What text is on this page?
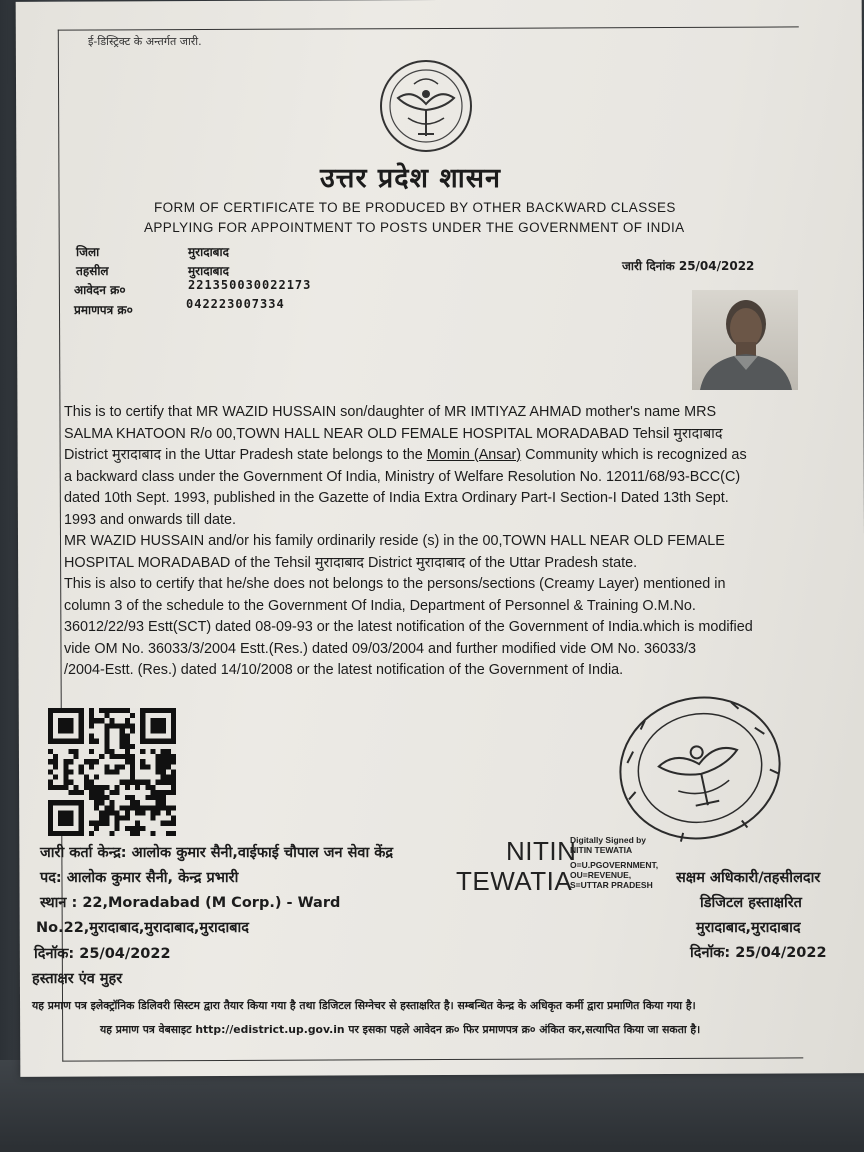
ई-डिस्ट्रिक्ट के अन्तर्गत जारी.
उत्तर प्रदेश शासन
FORM OF CERTIFICATE TO BE PRODUCED BY OTHER BACKWARD CLASSES
APPLYING FOR APPOINTMENT TO POSTS UNDER THE GOVERNMENT OF INDIA
जिला	मुरादाबाद
तहसील	मुरादाबाद
आवेदन क्र०	221350030022173
प्रमाणपत्र क्र०	042223007334
जारी दिनांक 25/04/2022
This is to certify that MR WAZID HUSSAIN son/daughter of MR IMTIYAZ AHMAD mother's name MRS
SALMA KHATOON R/o 00,TOWN HALL NEAR OLD FEMALE HOSPITAL MORADABAD Tehsil मुरादाबाद
District मुरादाबाद in the Uttar Pradesh state belongs to the Momin (Ansar) Community which is recognized as
a backward class under the Government Of India, Ministry of Welfare Resolution No. 12011/68/93-BCC(C)
dated 10th Sept. 1993, published in the Gazette of India Extra Ordinary Part-I Section-I Dated 13th Sept.
1993 and onwards till date.
MR WAZID HUSSAIN and/or his family ordinarily reside (s) in the 00,TOWN HALL NEAR OLD FEMALE
HOSPITAL MORADABAD of the Tehsil मुरादाबाद District मुरादाबाद of the Uttar Pradesh state.
This is also to certify that he/she does not belongs to the persons/sections (Creamy Layer) mentioned in
column 3 of the schedule to the Government Of India, Department of Personnel & Training O.M.No.
36012/22/93 Estt(SCT) dated 08-09-93 or the latest notification of the Government of India.which is modified
vide OM No. 36033/3/2004 Estt.(Res.) dated 09/03/2004 and further modified vide OM No. 36033/3
/2004-Estt. (Res.) dated 14/10/2008 or the latest notification of the Government of India.
जारी कर्ता केन्द्र: आलोक कुमार सैनी,वाईफाई चौपाल जन सेवा केंद्र
पद: आलोक कुमार सैनी, केन्द्र प्रभारी
स्थान : 22,Moradabad (M Corp.) - Ward
No.22,मुरादाबाद,मुरादाबाद,मुरादाबाद
दिनॉक: 25/04/2022
हस्ताक्षर एंव मुहर
NITIN
TEWATIA
Digitally Signed by
NITIN TEWATIA
O=U.PGOVERNMENT,
OU=REVENUE,
S=UTTAR PRADESH	सक्षम अधिकारी/तहसीलदार
डिजिटल हस्ताक्षरित
मुरादाबाद,मुरादाबाद
दिनॉक: 25/04/2022
यह प्रमाण पत्र इलेक्ट्रॉनिक डिलिवरी सिस्टम द्वारा तैयार किया गया है तथा डिजिटल सिग्नेचर से हस्ताक्षरित है। सम्बन्धित केन्द्र के अधिकृत कर्मी द्वारा प्रमाणित किया गया है।
यह प्रमाण पत्र वेबसाइट http://edistrict.up.gov.in पर इसका पहले आवेदन क्र० फिर प्रमाणपत्र क्र० अंकित कर,सत्यापित किया जा सकता है।
